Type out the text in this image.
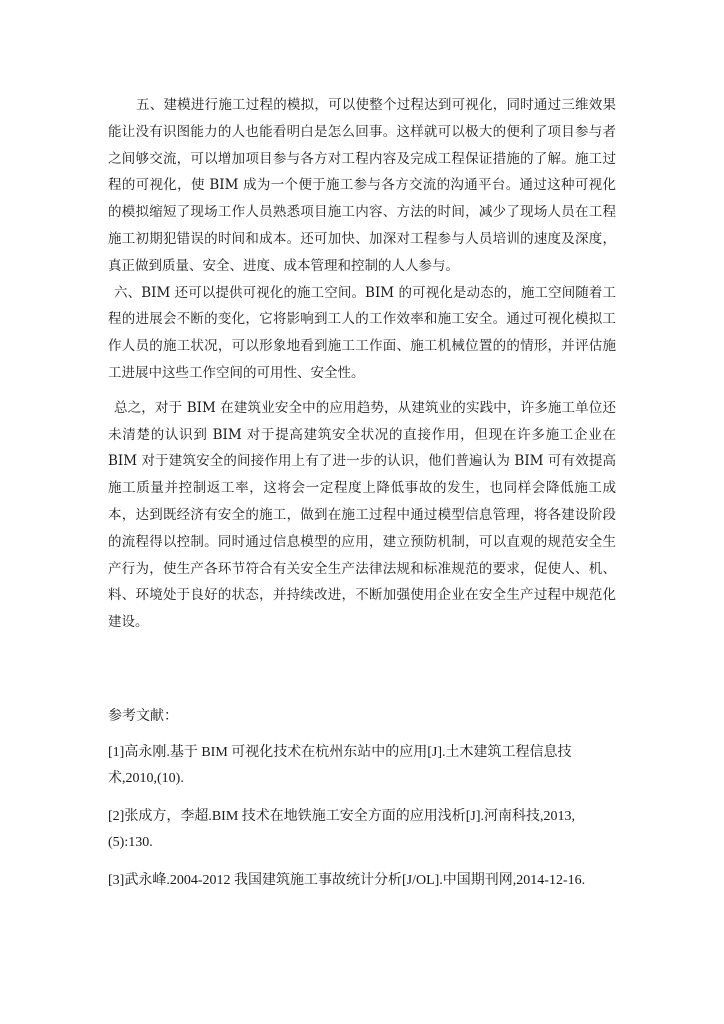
五、建模进行施工过程的模拟，可以使整个过程达到可视化，同时通过三维效果能让没有识图能力的人也能看明白是怎么回事。这样就可以极大的便利了项目参与者之间够交流，可以增加项目参与各方对工程内容及完成工程保证措施的了解。施工过程的可视化，使 BIM 成为一个便于施工参与各方交流的沟通平台。通过这种可视化的模拟缩短了现场工作人员熟悉项目施工内容、方法的时间，减少了现场人员在工程施工初期犯错误的时间和成本。还可加快、加深对工程参与人员培训的速度及深度，真正做到质量、安全、进度、成本管理和控制的人人参与。

六、BIM 还可以提供可视化的施工空间。BIM 的可视化是动态的，施工空间随着工程的进展会不断的变化，它将影响到工人的工作效率和施工安全。通过可视化模拟工作人员的施工状况，可以形象地看到施工工作面、施工机械位置的的情形，并评估施工进展中这些工作空间的可用性、安全性。

总之，对于 BIM 在建筑业安全中的应用趋势，从建筑业的实践中，许多施工单位还未清楚的认识到 BIM 对于提高建筑安全状况的直接作用，但现在许多施工企业在 BIM 对于建筑安全的间接作用上有了进一步的认识，他们普遍认为 BIM 可有效提高施工质量并控制返工率，这将会一定程度上降低事故的发生，也同样会降低施工成本，达到既经济有安全的施工，做到在施工过程中通过模型信息管理，将各建设阶段的流程得以控制。同时通过信息模型的应用，建立预防机制，可以直观的规范安全生产行为，使生产各环节符合有关安全生产法律法规和标准规范的要求，促使人、机、料、环境处于良好的状态，并持续改进，不断加强使用企业在安全生产过程中规范化建设。

参考文献：

[1]高永刚.基于 BIM 可视化技术在杭州东站中的应用[J].土木建筑工程信息技术,2010,(10).

[2]张成方，李超.BIM 技术在地铁施工安全方面的应用浅析[J].河南科技,2013,(5):130.

[3]武永峰.2004-2012 我国建筑施工事故统计分析[J/OL].中国期刊网,2014-12-16.
